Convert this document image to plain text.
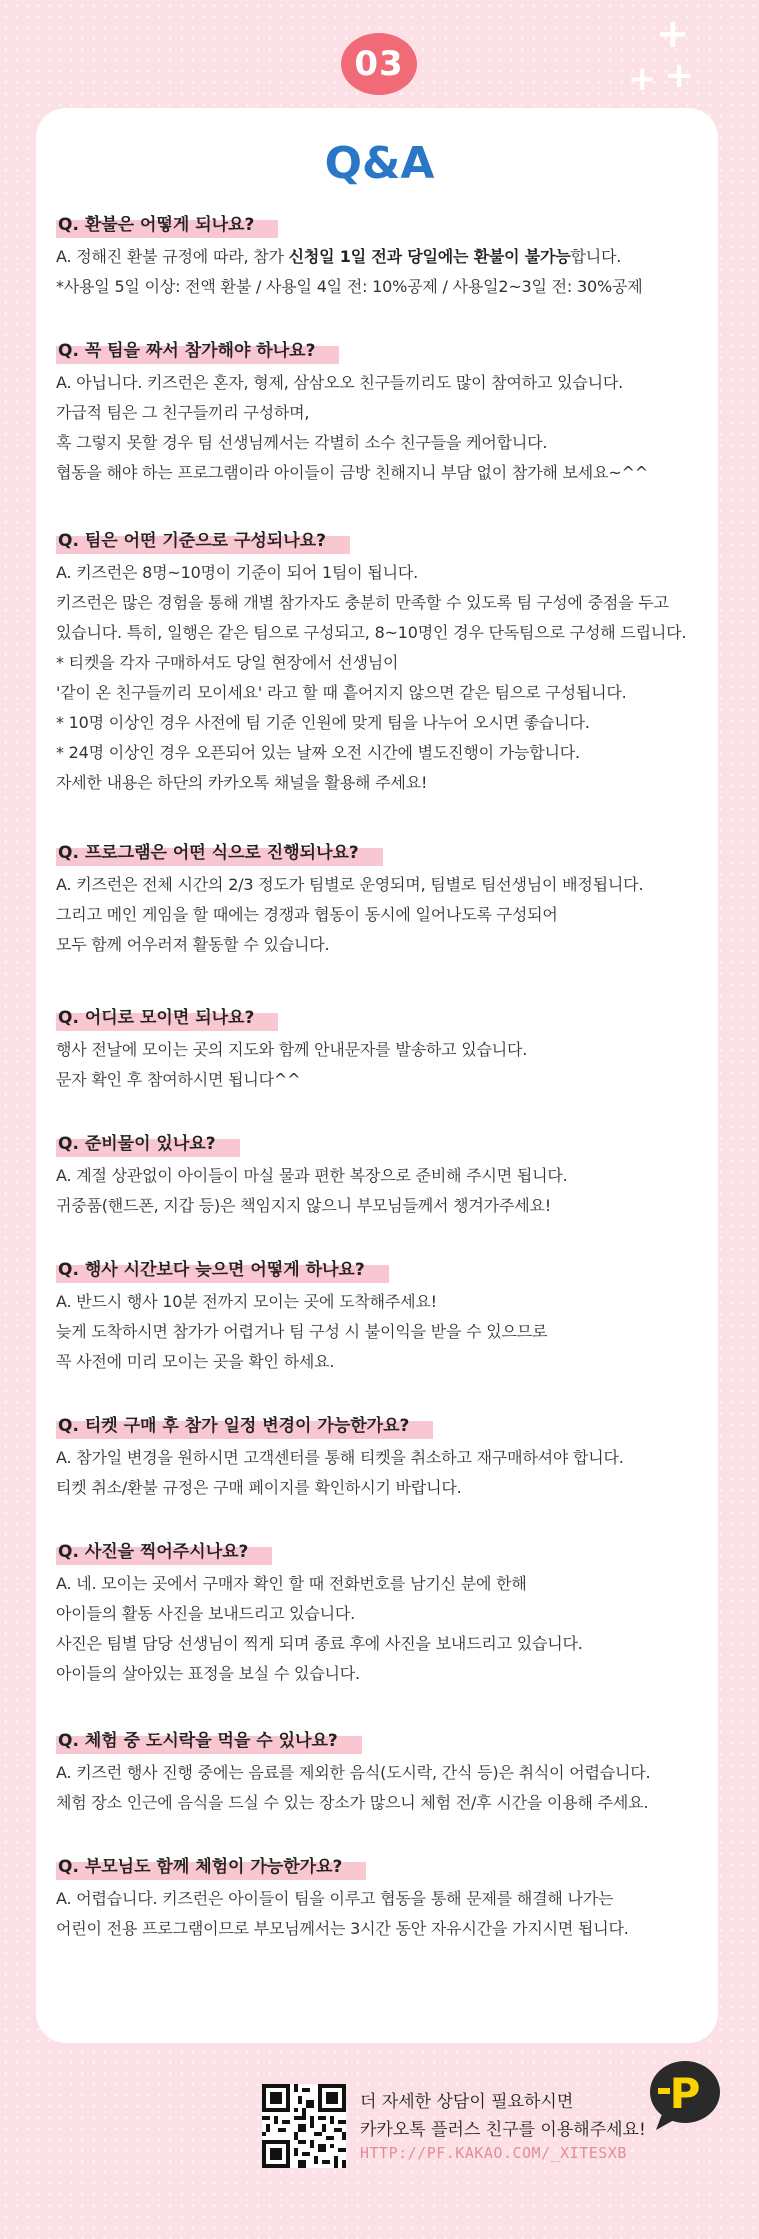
+
+ +
03
Q&A
Q. 환불은 어떻게 되나요?
A. 정해진 환불 규정에 따라, 참가 신청일 1일 전과 당일에는 환불이 불가능합니다.
*사용일 5일 이상: 전액 환불 / 사용일 4일 전: 10%공제 / 사용일2~3일 전: 30%공제
Q. 꼭 팀을 짜서 참가해야 하나요?
A. 아닙니다. 키즈런은 혼자, 형제, 삼삼오오 친구들끼리도 많이 참여하고 있습니다.
가급적 팀은 그 친구들끼리 구성하며,
혹 그렇지 못할 경우 팀 선생님께서는 각별히 소수 친구들을 케어합니다.
협동을 해야 하는 프로그램이라 아이들이 금방 친해지니 부담 없이 참가해 보세요~^^
Q. 팀은 어떤 기준으로 구성되나요?
A. 키즈런은 8명~10명이 기준이 되어 1팀이 됩니다.
키즈런은 많은 경험을 통해 개별 참가자도 충분히 만족할 수 있도록 팀 구성에 중점을 두고
있습니다. 특히, 일행은 같은 팀으로 구성되고, 8~10명인 경우 단독팀으로 구성해 드립니다.
* 티켓을 각자 구매하셔도 당일 현장에서 선생님이
'같이 온 친구들끼리 모이세요' 라고 할 때 흩어지지 않으면 같은 팀으로 구성됩니다.
* 10명 이상인 경우 사전에 팀 기준 인원에 맞게 팀을 나누어 오시면 좋습니다.
* 24명 이상인 경우 오픈되어 있는 날짜 오전 시간에 별도진행이 가능합니다.
자세한 내용은 하단의 카카오톡 채널을 활용해 주세요!
Q. 프로그램은 어떤 식으로 진행되나요?
A. 키즈런은 전체 시간의 2/3 정도가 팀별로 운영되며, 팀별로 팀선생님이 배정됩니다.
그리고 메인 게임을 할 때에는 경쟁과 협동이 동시에 일어나도록 구성되어
모두 함께 어우러져 활동할 수 있습니다.
Q. 어디로 모이면 되나요?
행사 전날에 모이는 곳의 지도와 함께 안내문자를 발송하고 있습니다.
문자 확인 후 참여하시면 됩니다^^
Q. 준비물이 있나요?
A. 계절 상관없이 아이들이 마실 물과 편한 복장으로 준비해 주시면 됩니다.
귀중품(핸드폰, 지갑 등)은 책임지지 않으니 부모님들께서 챙겨가주세요!
Q. 행사 시간보다 늦으면 어떻게 하나요?
A. 반드시 행사 10분 전까지 모이는 곳에 도착해주세요!
늦게 도착하시면 참가가 어렵거나 팀 구성 시 불이익을 받을 수 있으므로
꼭 사전에 미리 모이는 곳을 확인 하세요.
Q. 티켓 구매 후 참가 일정 변경이 가능한가요?
A. 참가일 변경을 원하시면 고객센터를 통해 티켓을 취소하고 재구매하셔야 합니다.
티켓 취소/환불 규정은 구매 페이지를 확인하시기 바랍니다.
Q. 사진을 찍어주시나요?
A. 네. 모이는 곳에서 구매자 확인 할 때 전화번호를 남기신 분에 한해
아이들의 활동 사진을 보내드리고 있습니다.
사진은 팀별 담당 선생님이 찍게 되며 종료 후에 사진을 보내드리고 있습니다.
아이들의 살아있는 표정을 보실 수 있습니다.
Q. 체험 중 도시락을 먹을 수 있나요?
A. 키즈런 행사 진행 중에는 음료를 제외한 음식(도시락, 간식 등)은 취식이 어렵습니다.
체험 장소 인근에 음식을 드실 수 있는 장소가 많으니 체험 전/후 시간을 이용해 주세요.
Q. 부모님도 함께 체험이 가능한가요?
A. 어렵습니다. 키즈런은 아이들이 팀을 이루고 협동을 통해 문제를 해결해 나가는
어린이 전용 프로그램이므로 부모님께서는 3시간 동안 자유시간을 가지시면 됩니다.
더 자세한 상담이 필요하시면
카카오톡 플러스 친구를 이용해주세요!
HTTP://PF.KAKAO.COM/_XITESXB
P
